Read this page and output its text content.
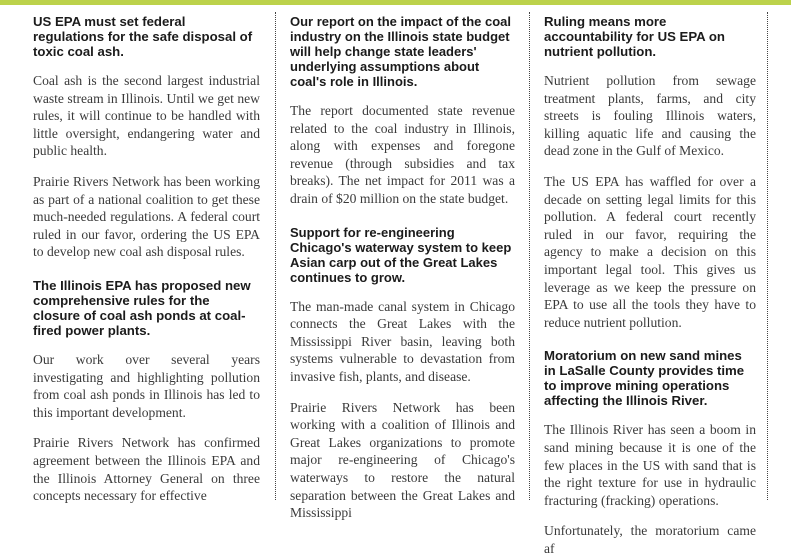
US EPA must set federal regulations for the safe disposal of toxic coal ash.

Coal ash is the second largest industrial waste stream in Illinois. Until we get new rules, it will continue to be handled with little oversight, endangering water and public health.

Prairie Rivers Network has been working as part of a national coalition to get these much-needed regulations. A federal court ruled in our favor, ordering the US EPA to develop new coal ash disposal rules.

The Illinois EPA has proposed new comprehensive rules for the closure of coal ash ponds at coal-fired power plants.

Our work over several years investigating and highlighting pollution from coal ash ponds in Illinois has led to this important development.

Prairie Rivers Network has confirmed agreement between the Illinois EPA and the Illinois Attorney General on three concepts necessary for effective

Our report on the impact of the coal industry on the Illinois state budget will help change state leaders' underlying assumptions about coal's role in Illinois.

The report documented state revenue related to the coal industry in Illinois, along with expenses and foregone revenue (through subsidies and tax breaks). The net impact for 2011 was a drain of $20 million on the state budget.

Support for re-engineering Chicago's waterway system to keep Asian carp out of the Great Lakes continues to grow.

The man-made canal system in Chicago connects the Great Lakes with the Mississippi River basin, leaving both systems vulnerable to devastation from invasive fish, plants, and disease.

Prairie Rivers Network has been working with a coalition of Illinois and Great Lakes organizations to promote major re-engineering of Chicago's waterways to restore the natural separation between the Great Lakes and Mississippi

Ruling means more accountability for US EPA on nutrient pollution.

Nutrient pollution from sewage treatment plants, farms, and city streets is fouling Illinois waters, killing aquatic life and causing the dead zone in the Gulf of Mexico.

The US EPA has waffled for over a decade on setting legal limits for this pollution. A federal court recently ruled in our favor, requiring the agency to make a decision on this important legal tool. This gives us leverage as we keep the pressure on EPA to use all the tools they have to reduce nutrient pollution.

Moratorium on new sand mines in LaSalle County provides time to improve mining operations affecting the Illinois River.

The Illinois River has seen a boom in sand mining because it is one of the few places in the US with sand that is the right texture for use in hydraulic fracturing (fracking) operations.

Unfortunately, the moratorium came af
